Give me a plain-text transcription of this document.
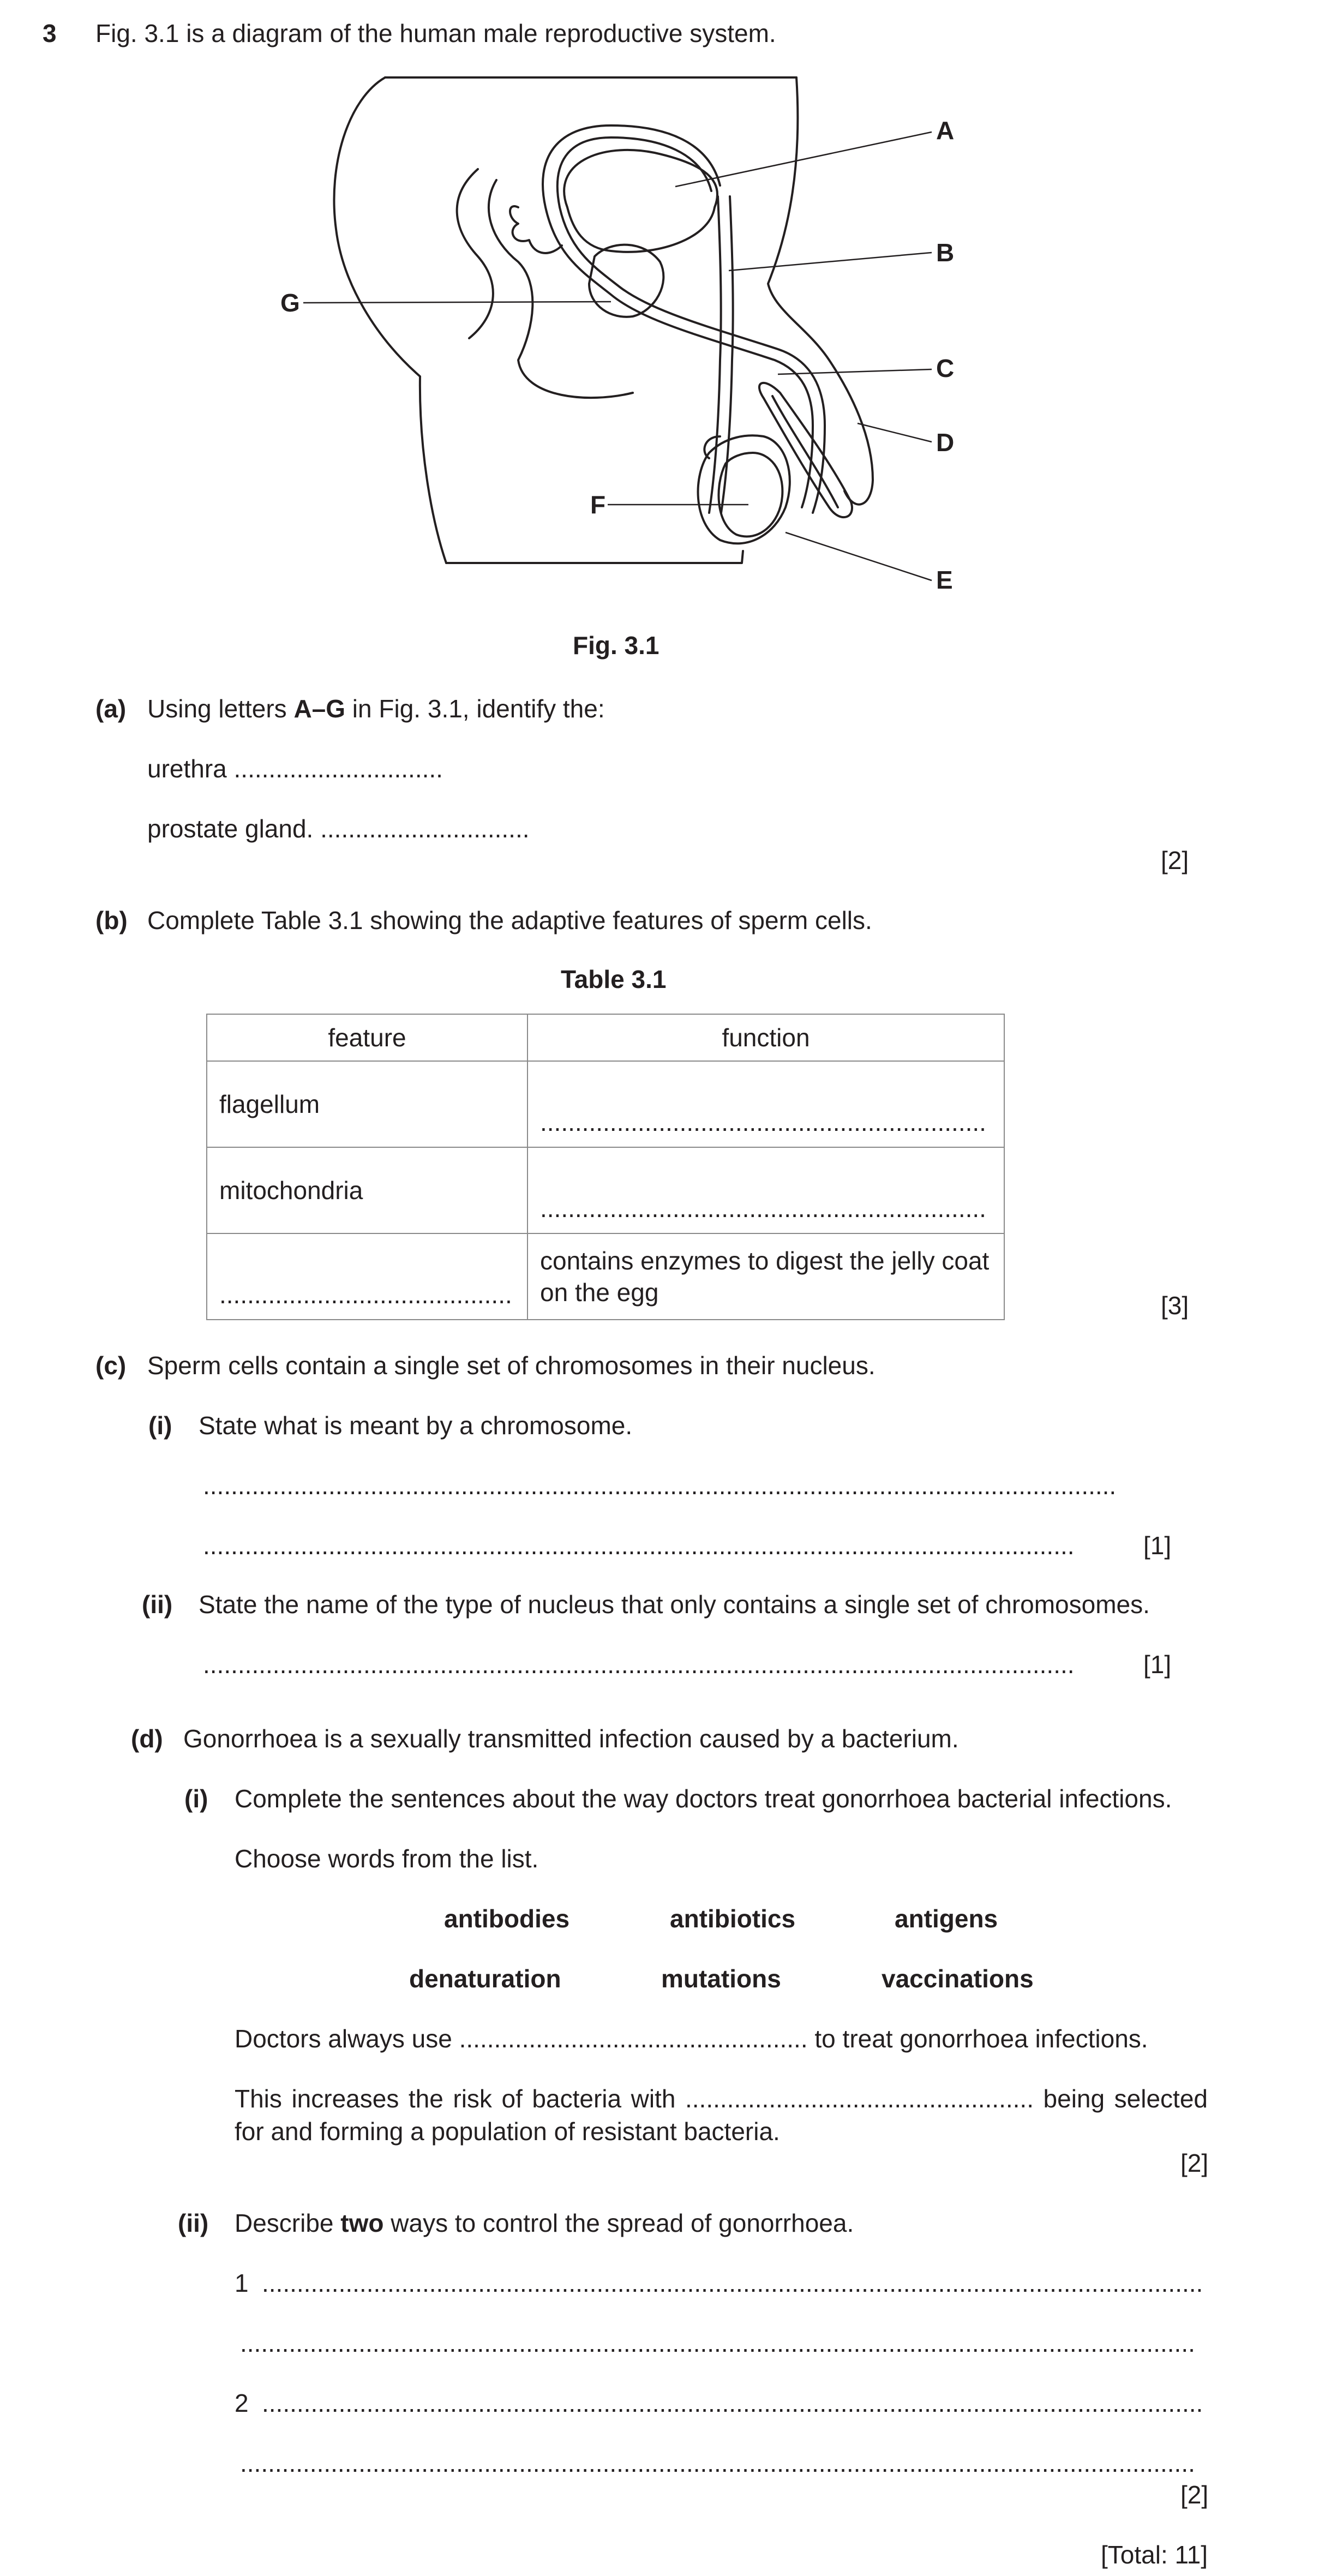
3 Fig. 3.1 is a diagram of the human male reproductive system.
A
B
C
D
E
F
G
Fig. 3.1
(a) Using letters A–G in Fig. 3.1, identify the:
urethra ..............................
prostate gland. ..............................
[2]
(b) Complete Table 3.1 showing the adaptive features of sperm cells.
Table 3.1
feature	function
flagellum	................................................................
mitochondria	................................................................
..........................................	contains enzymes to digest the jelly coat on the egg	[3]
(c) Sperm cells contain a single set of chromosomes in their nucleus.
(i) State what is meant by a chromosome.
...................................................................................................................................
.............................................................................................................................	[1]
(ii) State the name of the type of nucleus that only contains a single set of chromosomes.
.............................................................................................................................	[1]
(d) Gonorrhoea is a sexually transmitted infection caused by a bacterium.
(i) Complete the sentences about the way doctors treat gonorrhoea bacterial infections.
Choose words from the list.
antibodies	antibiotics	antigens
denaturation	mutations	vaccinations
Doctors always use .................................................. to treat gonorrhoea infections.
This increases the risk of bacteria with .................................................. being selected
for and forming a population of resistant bacteria.
[2]
(ii) Describe two ways to control the spread of gonorrhoea.
1 .......................................................................................................................................
.........................................................................................................................................
2 .......................................................................................................................................
.........................................................................................................................................
[2]
[Total: 11]
